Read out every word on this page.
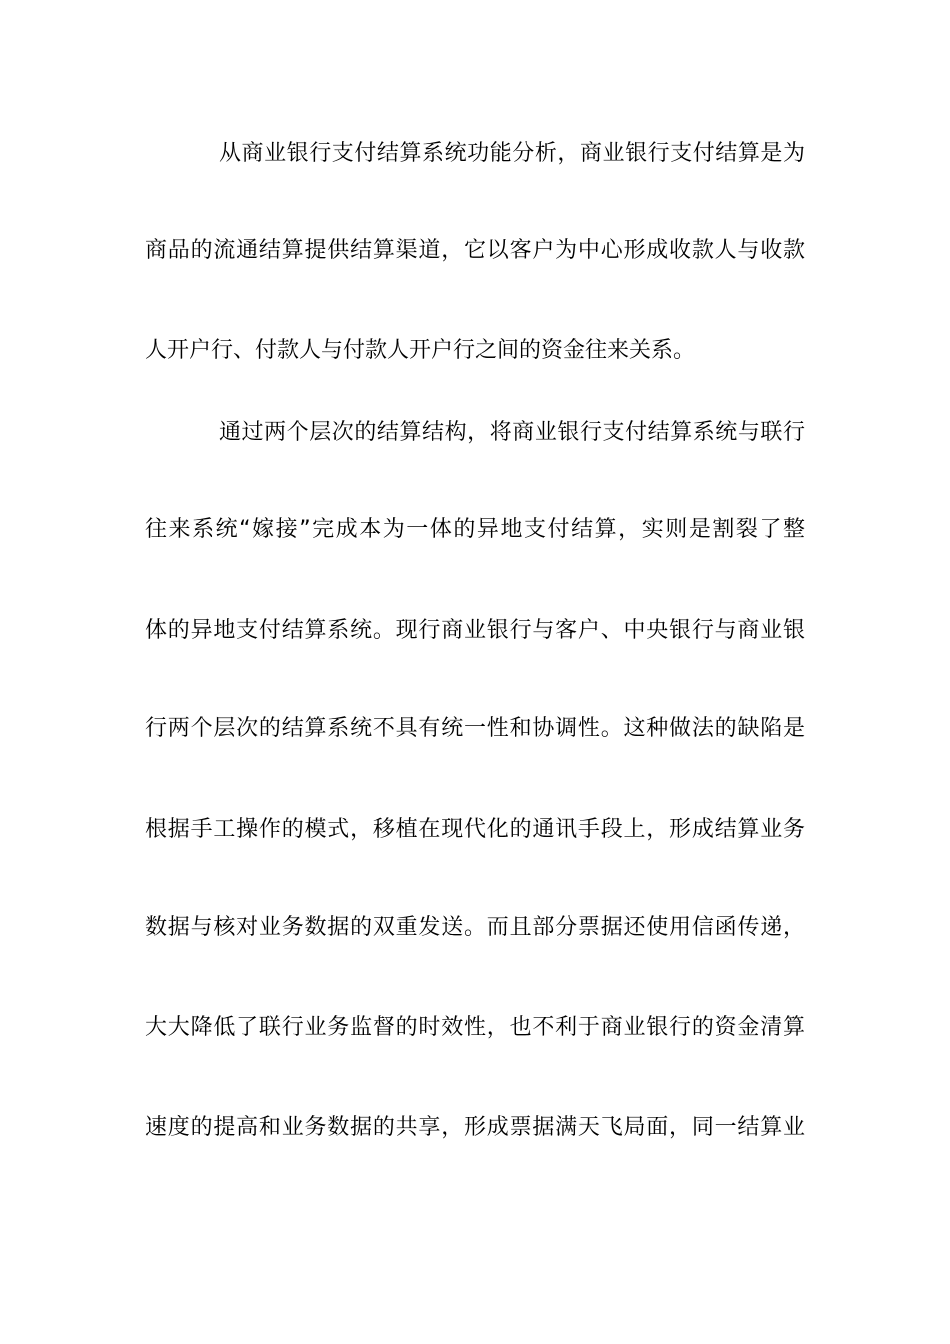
从商业银行支付结算系统功能分析，商业银行支付结算是为
商品的流通结算提供结算渠道，它以客户为中心形成收款人与收款
人开户行、付款人与付款人开户行之间的资金往来关系。
通过两个层次的结算结构，将商业银行支付结算系统与联行
往来系统“嫁接”完成本为一体的异地支付结算，实则是割裂了整
体的异地支付结算系统。现行商业银行与客户、中央银行与商业银
行两个层次的结算系统不具有统一性和协调性。这种做法的缺陷是
根据手工操作的模式，移植在现代化的通讯手段上，形成结算业务
数据与核对业务数据的双重发送。而且部分票据还使用信函传递，
大大降低了联行业务监督的时效性，也不利于商业银行的资金清算
速度的提高和业务数据的共享，形成票据满天飞局面，同一结算业
